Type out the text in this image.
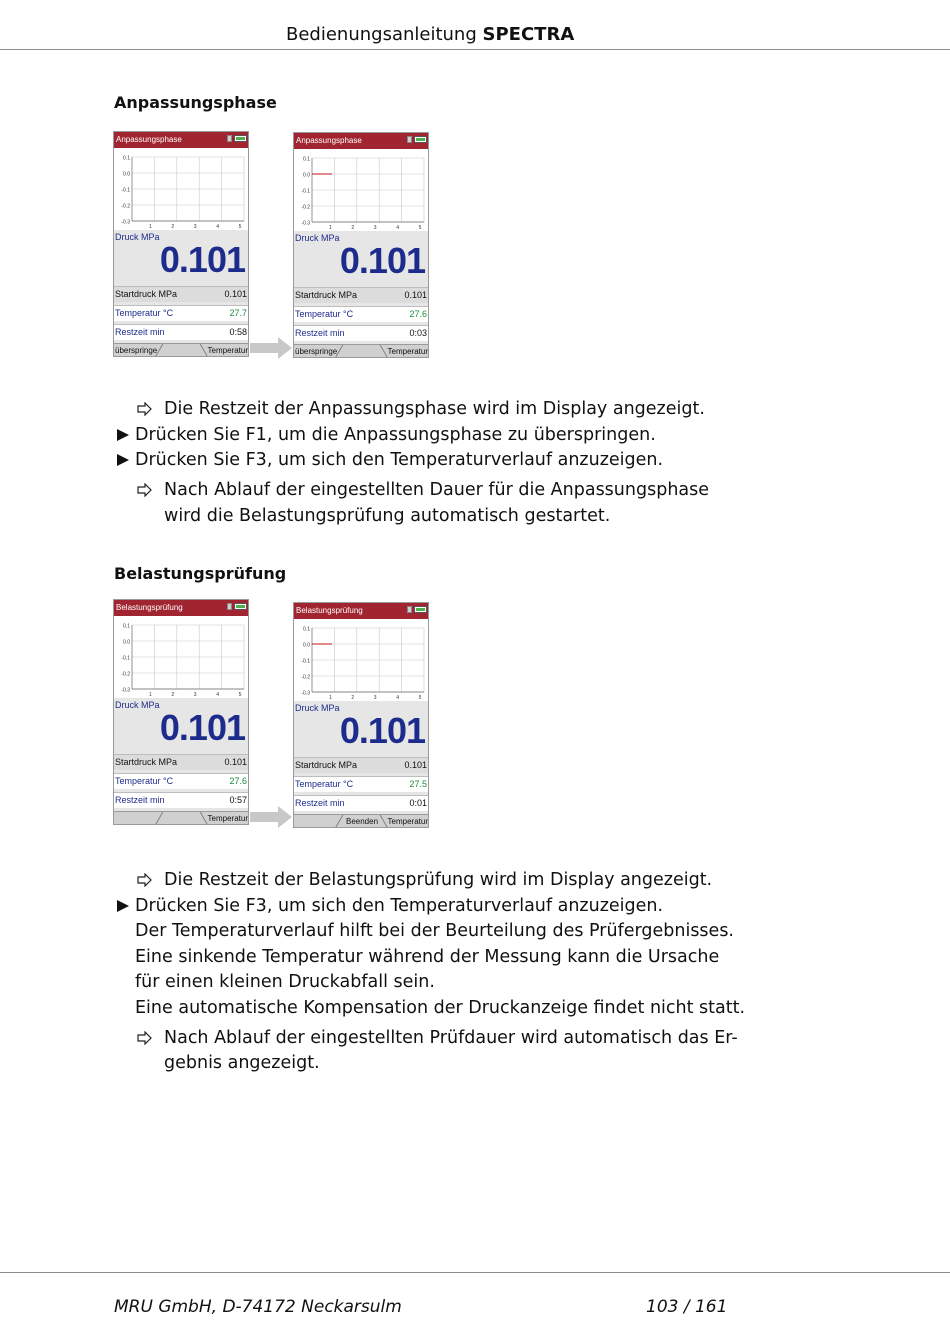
Bedienungsanleitung SPECTRA
Anpassungsphase
Anpassungsphase
0.1
0.0
-0.1
-0.2
-0.3
1	2	3	4	5
Druck MPa
0.101
Startdruck MPa	0.101
Temperatur °C	27.7
Restzeit min	0:58
überspringe	Temperatur
Anpassungsphase
0.1
0.0
-0.1
-0.2
-0.3
1	2	3	4	5
Druck MPa
0.101
Startdruck MPa	0.101
Temperatur °C	27.6
Restzeit min	0:03
überspringe	Temperatur
Die Restzeit der Anpassungsphase wird im Display angezeigt.
Drücken Sie F1, um die Anpassungsphase zu überspringen.
Drücken Sie F3, um sich den Temperaturverlauf anzuzeigen.
Nach Ablauf der eingestellten Dauer für die Anpassungsphase
wird die Belastungsprüfung automatisch gestartet.
Belastungsprüfung
Belastungsprüfung
0.1
0.0
-0.1
-0.2
-0.3
1	2	3	4	5
Druck MPa
0.101
Startdruck MPa	0.101
Temperatur °C	27.6
Restzeit min	0:57
Temperatur
Belastungsprüfung
0.1
0.0
-0.1
-0.2
-0.3
1	2	3	4	5
Druck MPa
0.101
Startdruck MPa	0.101
Temperatur °C	27.5
Restzeit min	0:01
Beenden Temperatur
Die Restzeit der Belastungsprüfung wird im Display angezeigt.
Drücken Sie F3, um sich den Temperaturverlauf anzuzeigen.
Der Temperaturverlauf hilft bei der Beurteilung des Prüfergebnisses.
Eine sinkende Temperatur während der Messung kann die Ursache
für einen kleinen Druckabfall sein.
Eine automatische Kompensation der Druckanzeige findet nicht statt.
Nach Ablauf der eingestellten Prüfdauer wird automatisch das Er-
gebnis angezeigt.
MRU GmbH, D-74172 Neckarsulm	103 / 161
